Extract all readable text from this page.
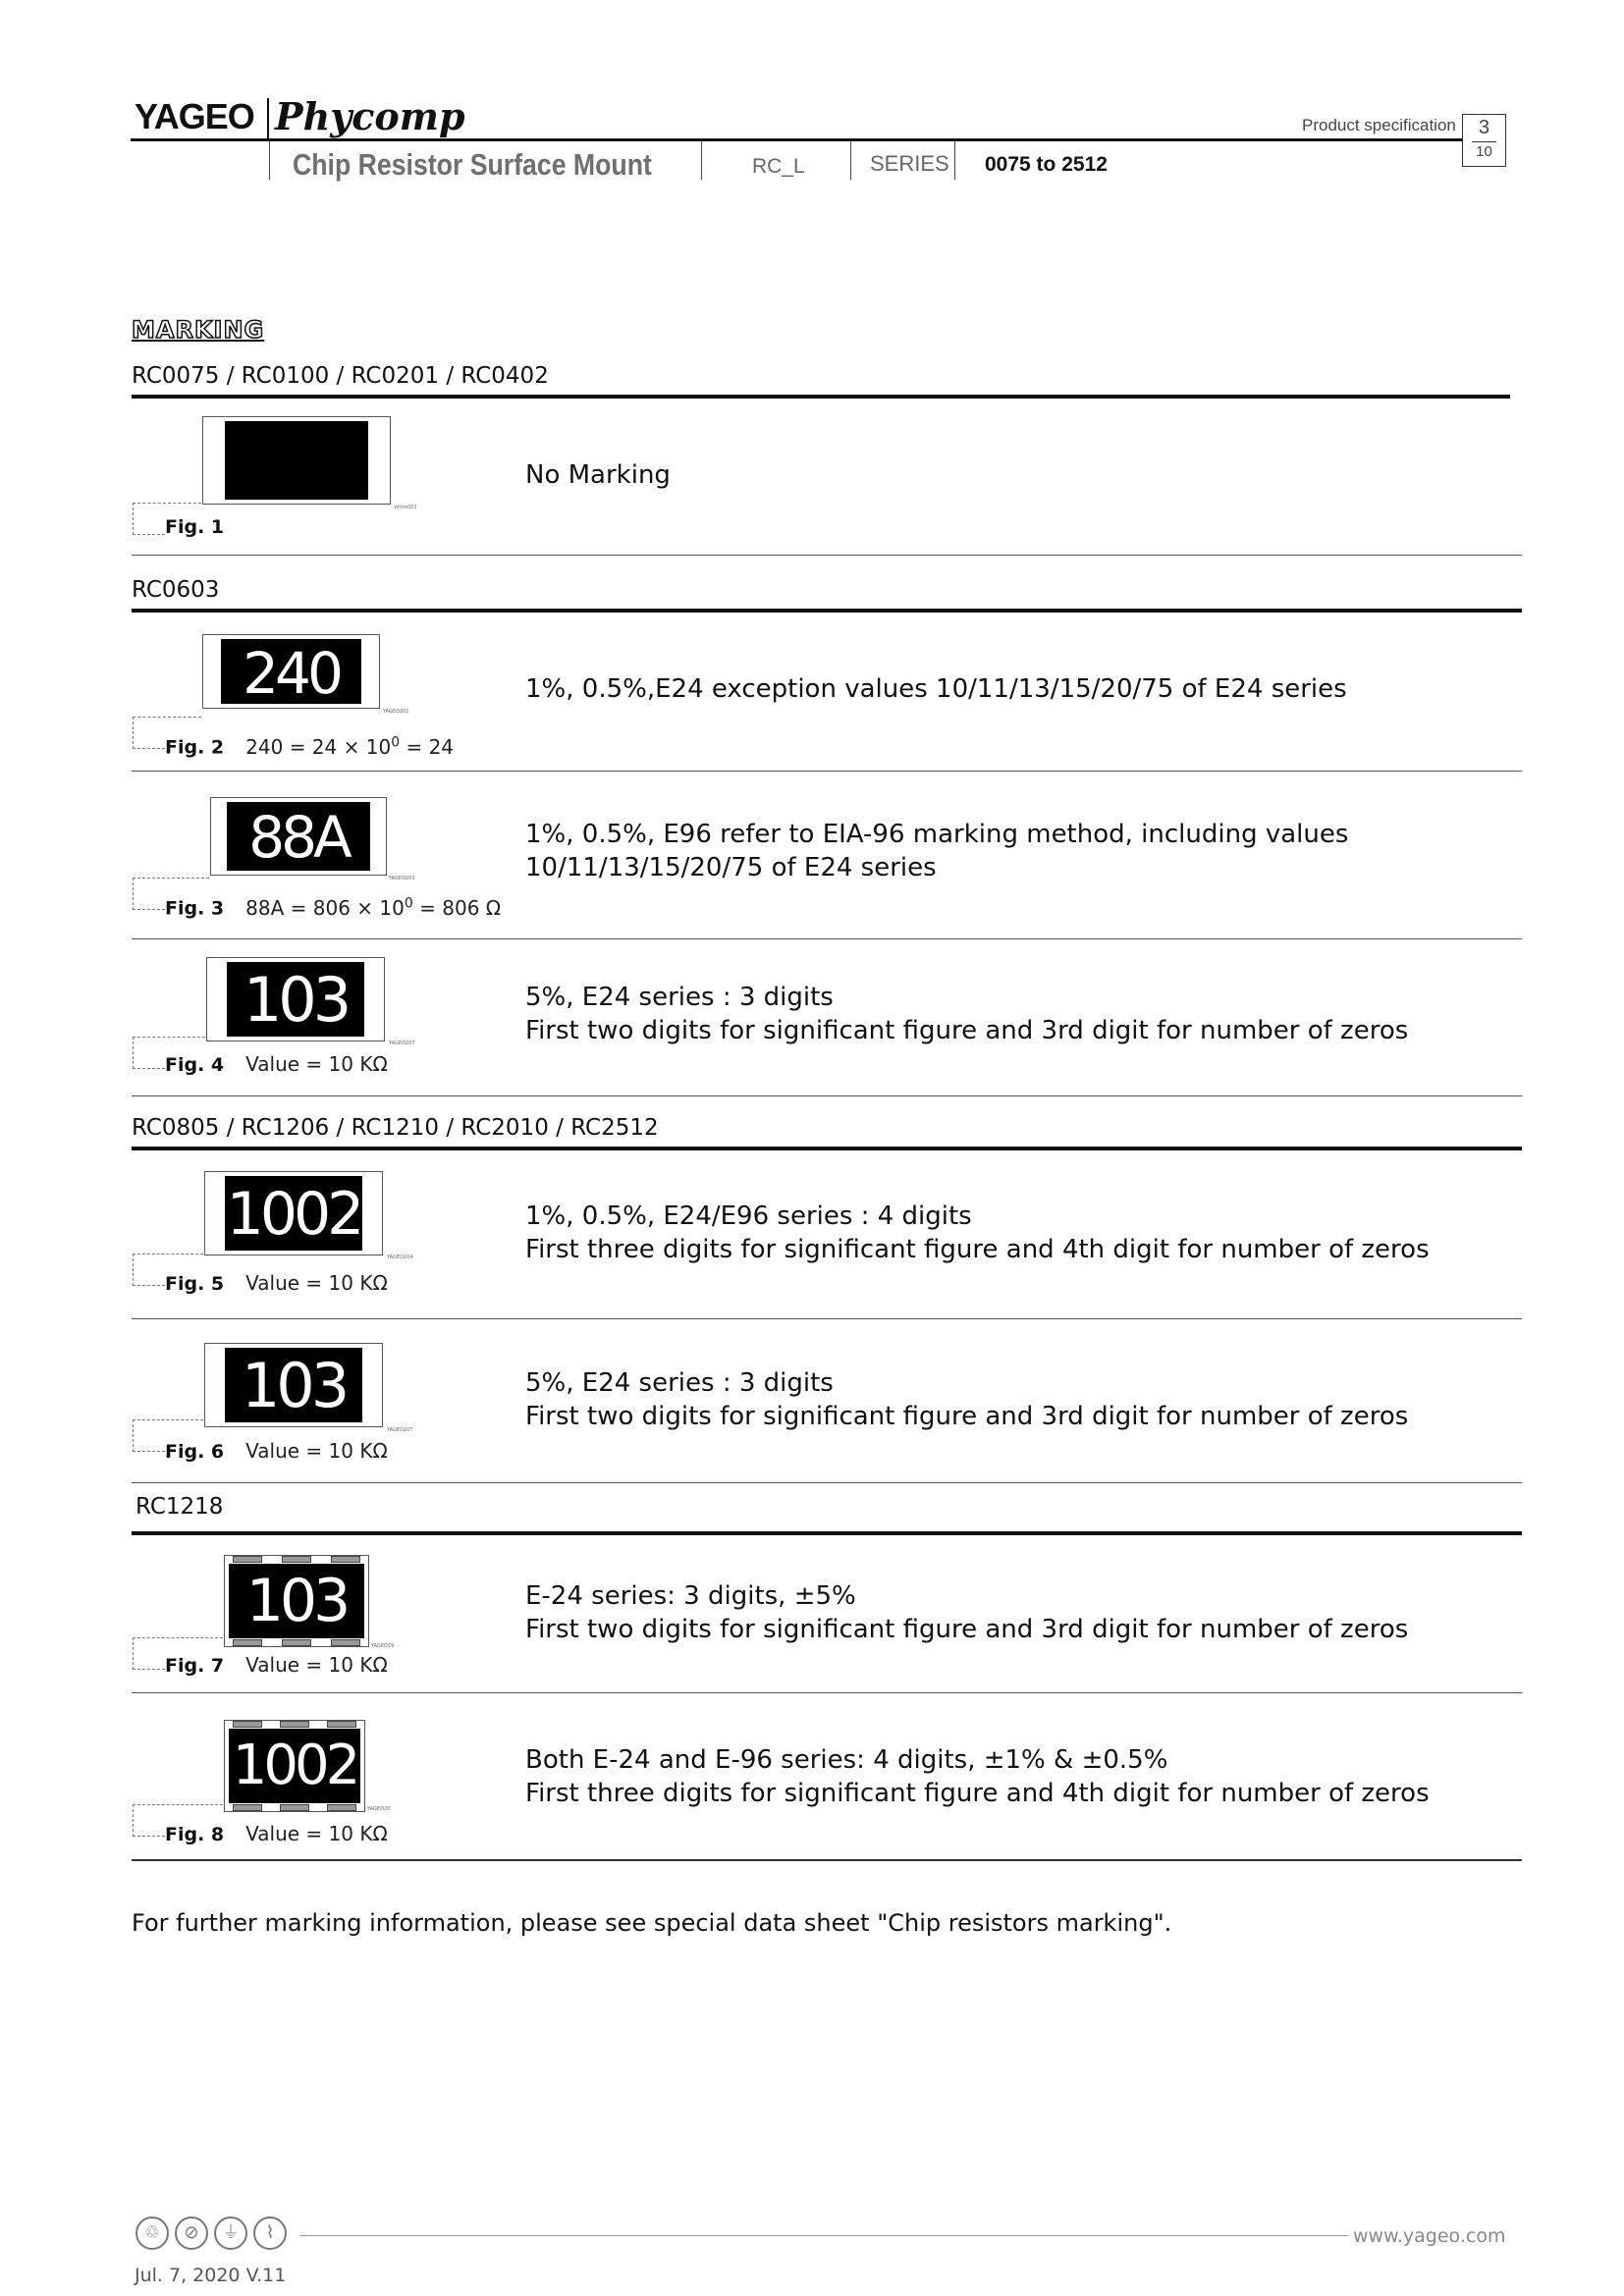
YAGEO Phycomp
Chip Resistor Surface Mount	RC_L	SERIES 0075 to 2512
Product specification	3
10
MARKING
RC0075 / RC0100 / RC0201 / RC0402
phtm001
Fig. 1
No Marking
RC0603
240
YAGEO201
Fig. 2 $240 = 24 \times 10^0 = 24$
1%, 0.5%,E24 exception values 10/11/13/15/20/75 of E24 series
88A
YAGEO203
Fig. 3 $88A = 806 \times 10^0 = 806$ Ω
1%, 0.5%, E96 refer to EIA-96 marking method, including values
10/11/13/15/20/75 of E24 series
103
YAGEO207
Fig. 4 Value = 10 KΩ
5%, E24 series : 3 digits
First two digits for significant figure and 3rd digit for number of zeros
RC0805 / RC1206 / RC1210 / RC2010 / RC2512
1002
YAGEO204
Fig. 5 Value = 10 KΩ
1%, 0.5%, E24/E96 series : 4 digits
First three digits for significant figure and 4th digit for number of zeros
103
YAGEO207
Fig. 6 Value = 10 KΩ
5%, E24 series : 3 digits
First two digits for significant figure and 3rd digit for number of zeros
RC1218
103
YAGEO19
Fig. 7 Value = 10 KΩ
E-24 series: 3 digits, ±5%
First two digits for significant figure and 3rd digit for number of zeros
1002
YAGEO20
Fig. 8 Value = 10 KΩ
Both E-24 and E-96 series: 4 digits, ±1% & ±0.5%
First three digits for significant figure and 4th digit for number of zeros
For further marking information, please see special data sheet "Chip resistors marking".
♲ ⊘ ⏚ ⌇	www.yageo.com
Jul. 7, 2020 V.11
